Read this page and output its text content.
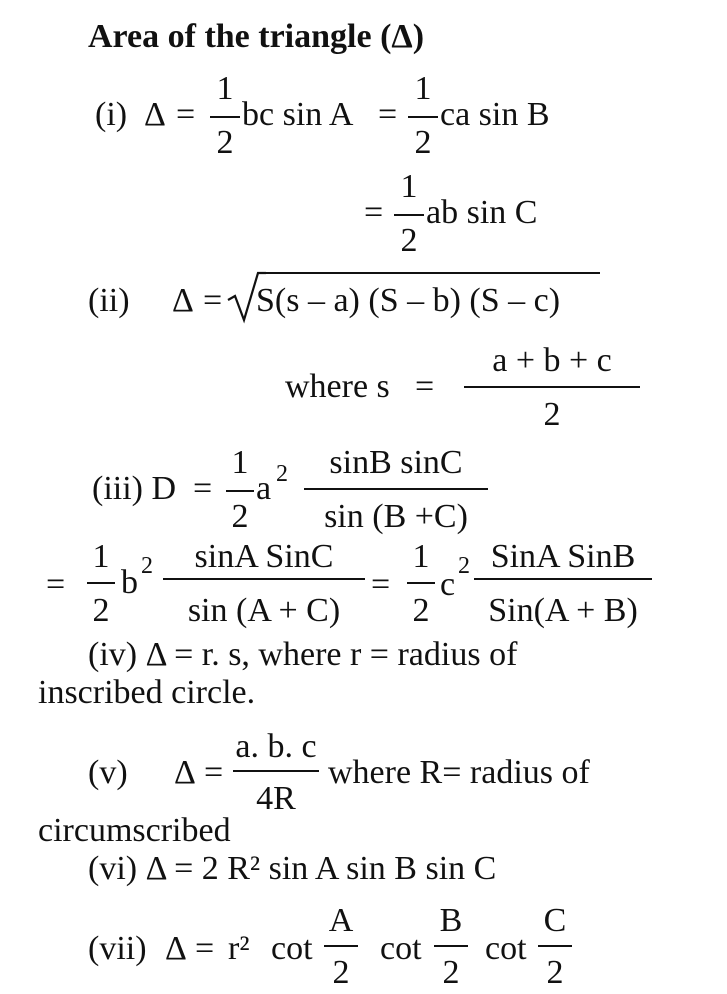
Area of the triangle (Δ)
(i) Δ =
1
2
bc sin A =
1
2
ca sin B
=
1
2
ab sin C
(ii) Δ = S(s – a) (S – b) (S – c)
where s =
a + b + c
2
(iii) D =
1
2
a 2	sinB sinC
sin (B +C)
=
1
2
b 2	sinA SinC
sin (A + C)
=
1
2
c 2 SinA SinB
Sin(A + B)
(iv) Δ = r. s, where r = radius of
inscribed circle.
(v) Δ =
a. b. c
4R
where R= radius of
circumscribed
(vi) Δ = 2 R² sin A sin B sin C
(vii) Δ = r² cot
A
2
cot
B
2
cot
C
2
